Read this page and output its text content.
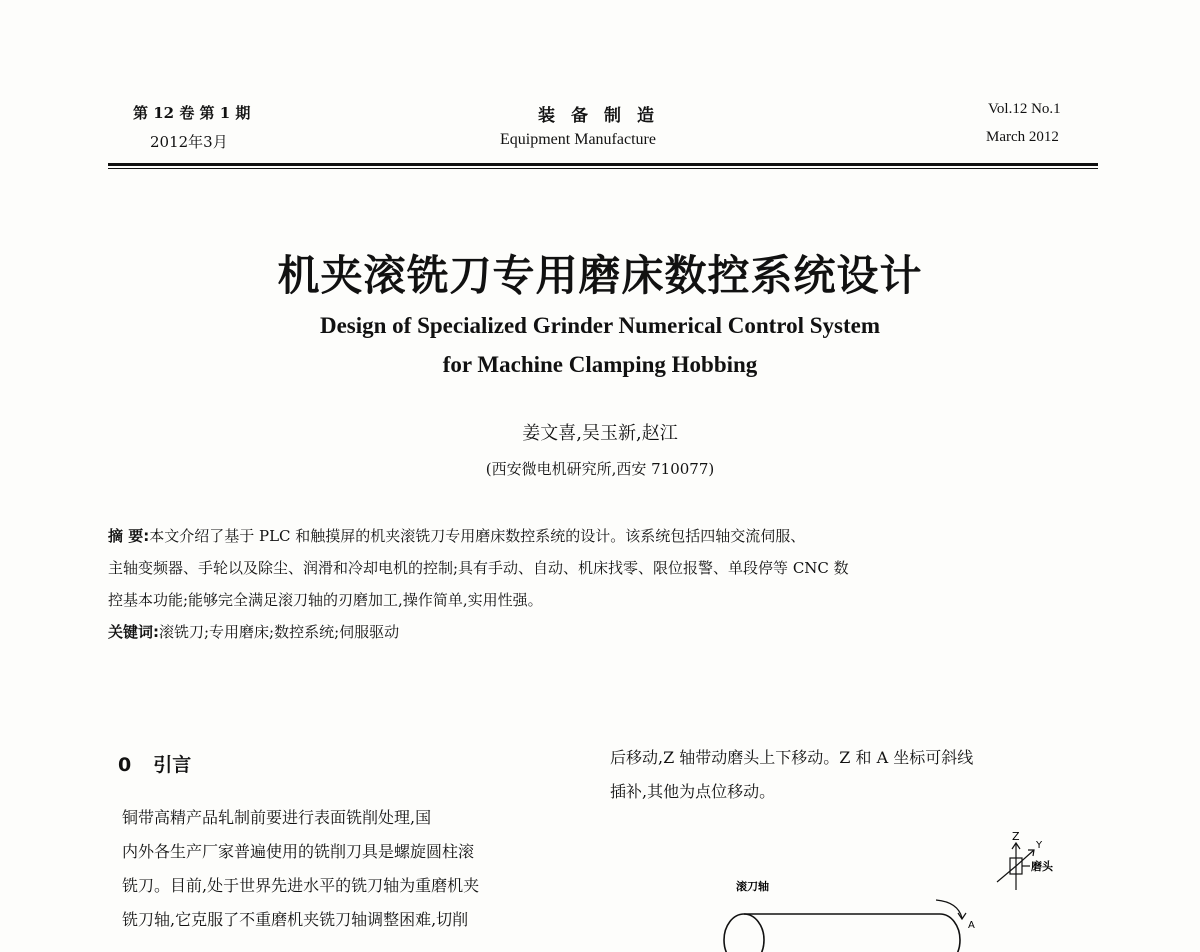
第 12 卷 第 1 期
2012年3月
装备制造
Equipment Manufacture
Vol.12 No.1
March 2012
机夹滚铣刀专用磨床数控系统设计
Design of Specialized Grinder Numerical Control System
for Machine Clamping Hobbing
姜文喜,吴玉新,赵江
(西安微电机研究所,西安 710077)

摘 要:本文介绍了基于 PLC 和触摸屏的机夹滚铣刀专用磨床数控系统的设计。该系统包括四轴交流伺服、

主轴变频器、手轮以及除尘、润滑和冷却电机的控制;具有手动、自动、机床找零、限位报警、单段停等 CNC 数

控基本功能;能够完全满足滚刀轴的刃磨加工,操作简单,实用性强。

关键词:滚铣刀;专用磨床;数控系统;伺服驱动

0 引言

铜带高精产品轧制前要进行表面铣削处理,国

内外各生产厂家普遍使用的铣削刀具是螺旋圆柱滚

铣刀。目前,处于世界先进水平的铣刀轴为重磨机夹

铣刀轴,它克服了不重磨机夹铣刀轴调整困难,切削

后移动,Z 轴带动磨头上下移动。Z 和 A 坐标可斜线

插补,其他为点位移动。

Z
Y
磨头
滚刀轴
A
